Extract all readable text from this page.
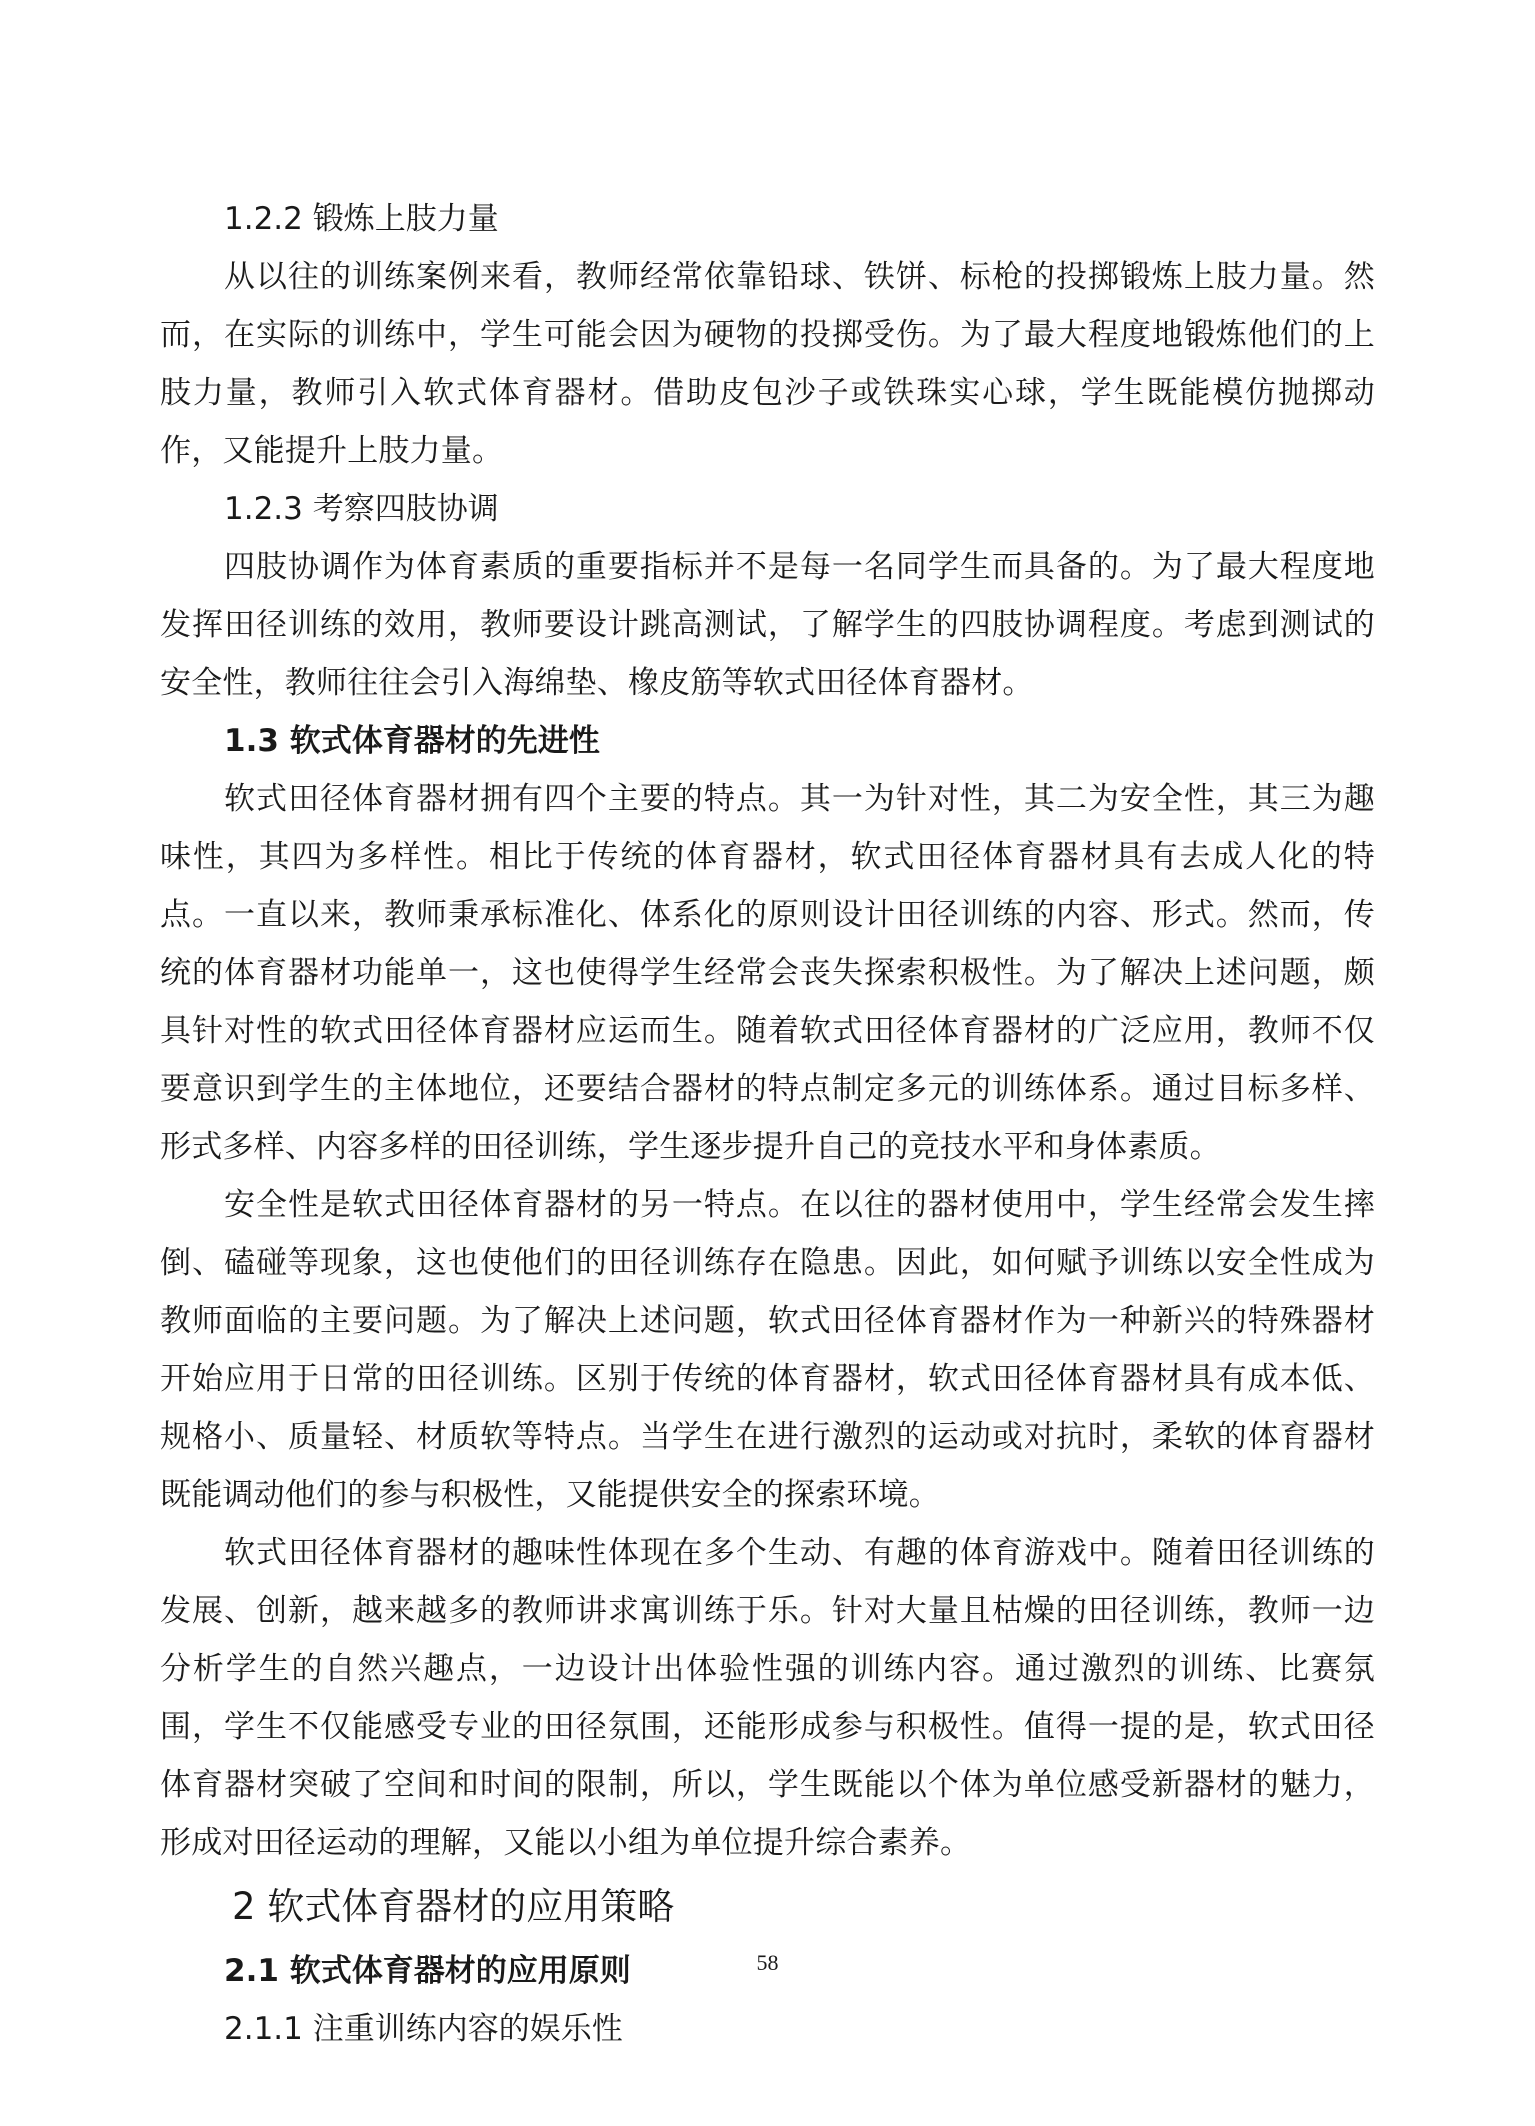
1.2.2 锻炼上肢力量

从以往的训练案例来看，教师经常依靠铅球、铁饼、标枪的投掷锻炼上肢力量。然而，在实际的训练中，学生可能会因为硬物的投掷受伤。为了最大程度地锻炼他们的上肢力量，教师引入软式体育器材。借助皮包沙子或铁珠实心球，学生既能模仿抛掷动作，又能提升上肢力量。

1.2.3 考察四肢协调

四肢协调作为体育素质的重要指标并不是每一名同学生而具备的。为了最大程度地发挥田径训练的效用，教师要设计跳高测试，了解学生的四肢协调程度。考虑到测试的安全性，教师往往会引入海绵垫、橡皮筋等软式田径体育器材。

1.3 软式体育器材的先进性

软式田径体育器材拥有四个主要的特点。其一为针对性，其二为安全性，其三为趣味性，其四为多样性。相比于传统的体育器材，软式田径体育器材具有去成人化的特点。一直以来，教师秉承标准化、体系化的原则设计田径训练的内容、形式。然而，传统的体育器材功能单一，这也使得学生经常会丧失探索积极性。为了解决上述问题，颇具针对性的软式田径体育器材应运而生。随着软式田径体育器材的广泛应用，教师不仅要意识到学生的主体地位，还要结合器材的特点制定多元的训练体系。通过目标多样、形式多样、内容多样的田径训练，学生逐步提升自己的竞技水平和身体素质。

安全性是软式田径体育器材的另一特点。在以往的器材使用中，学生经常会发生摔倒、磕碰等现象，这也使他们的田径训练存在隐患。因此，如何赋予训练以安全性成为教师面临的主要问题。为了解决上述问题，软式田径体育器材作为一种新兴的特殊器材开始应用于日常的田径训练。区别于传统的体育器材，软式田径体育器材具有成本低、规格小、质量轻、材质软等特点。当学生在进行激烈的运动或对抗时，柔软的体育器材既能调动他们的参与积极性，又能提供安全的探索环境。

软式田径体育器材的趣味性体现在多个生动、有趣的体育游戏中。随着田径训练的发展、创新，越来越多的教师讲求寓训练于乐。针对大量且枯燥的田径训练，教师一边分析学生的自然兴趣点，一边设计出体验性强的训练内容。通过激烈的训练、比赛氛围，学生不仅能感受专业的田径氛围，还能形成参与积极性。值得一提的是，软式田径体育器材突破了空间和时间的限制，所以，学生既能以个体为单位感受新器材的魅力，形成对田径运动的理解，又能以小组为单位提升综合素养。

2 软式体育器材的应用策略

2.1 软式体育器材的应用原则

2.1.1 注重训练内容的娱乐性

58
